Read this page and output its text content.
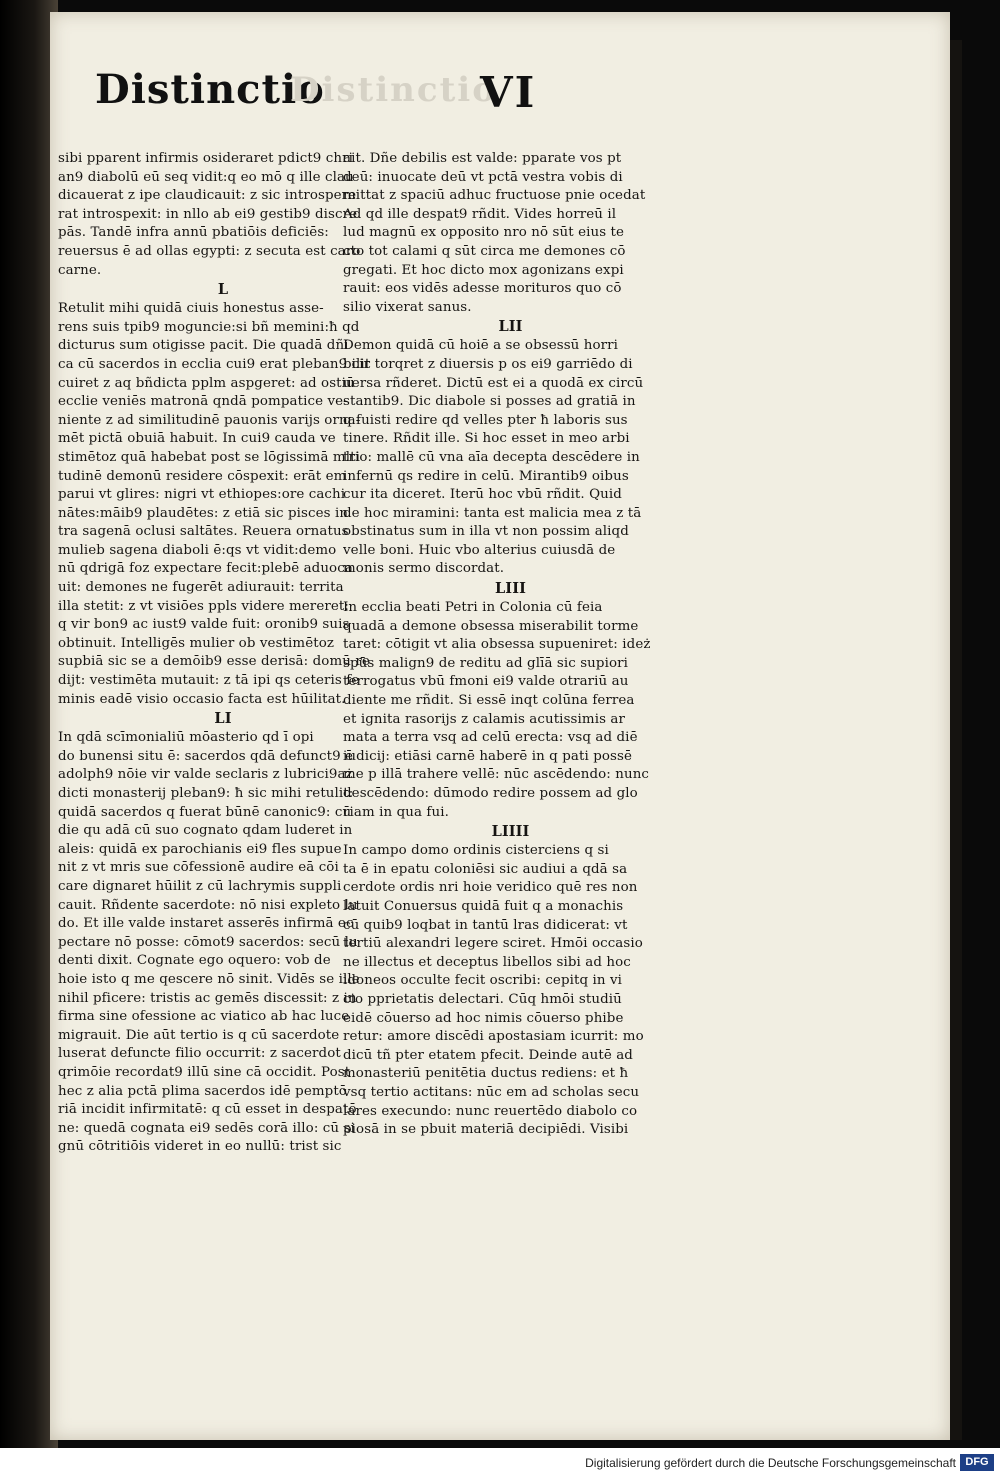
Distinctio
Distinctio
VI
sibi pparent infirmis osideraret pdict9 chri
an9 diabolū eū seq vidit:q eo mō q ille clau
dicauerat z ipe claudicauit: z sic introspere
rat introspexit: in nllo ab ei9 gestib9 discre
pās. Tandē infra annū pbatiōis deficiēs:
reuersus ē ad ollas egypti: z secuta est caro
carne.
L
Retulit mihi quidā ciuis honestus asse-
rens suis tpib9 moguncie:si bñ memini:ħ qd
dicturus sum otigisse pacit. Die quadā dñi
ca cū sacerdos in ecclia cui9 erat pleban9 cir
cuiret z aq bñdicta pplm aspgeret: ad ostiū
ecclie veniēs matronā qndā pompatice ve-
niente z ad similitudinē pauonis varijs orna-
mēt pictā obuiā habuit. In cui9 cauda ve
stimētoz quā habebat post se lōgissimā mlti
tudinē demonū residere cōspexit: erāt em
parui vt glires: nigri vt ethiopes:ore cachi
nātes:māib9 plaudētes: z etiā sic pisces in
tra sagenā oclusi saltātes. Reuera ornatus
mulieb sagena diaboli ē:qs vt vidit:demo
nū qdrigā foz expectare fecit:plebē aduoca
uit: demones ne fugerēt adiurauit: territa
illa stetit: z vt visiōes ppls videre mereret:
q vir bon9 ac iust9 valde fuit: oronib9 suis
obtinuit. Intelligēs mulier ob vestimētoz
supbiā sic se a demōib9 esse derisā: domū re
dijt: vestimēta mutauit: z tā ipi qs ceteris fe
minis eadē visio occasio facta est hūilitat.
LI
In qdā scīmonialiū mōasterio qd ī opi
do bunensi situ ē: sacerdos qdā defunct9 ē
adolph9 nōie vir valde seclaris z lubrici9aż
dicti monasterij pleban9: ħ sic mihi retulit:
quidā sacerdos q fuerat būnē canonic9: cū
die qu adā cū suo cognato qdam luderet in
aleis: quidā ex parochianis ei9 fles supue
nit z vt mris sue cōfessionē audire eā cōi
care dignaret hūilit z cū lachrymis suppli
cauit. Rñdente sacerdote: nō nisi expleto lu
do. Et ille valde instaret asserēs infirmā ec
pectare nō posse: cōmot9 sacerdos: secū lu
denti dixit. Cognate ego oquero: vob de
hoie isto q me qescere nō sinit. Vidēs se ille
nihil pficere: tristis ac gemēs discessit: z in
firma sine ofessione ac viatico ab hac luce
migrauit. Die aūt tertio is q cū sacerdote
luserat defuncte filio occurrit: z sacerdot
qrimōie recordat9 illū sine cā occidit. Post
hec z alia pctā plima sacerdos idē pemptō
riā incidit infirmitatē: q cū esset in despatō
ne: quedā cognata ei9 sedēs corā illo: cū si
gnū cōtritiōis videret in eo nullū: trist sic
ait. Dñe debilis est valde: pparate vos pt
deū: inuocate deū vt pctā vestra vobis di
mittat z spaciū adhuc fructuose pnie ocedat
Ad qd ille despat9 rñdit. Vides horreū il
lud magnū ex opposito nro nō sūt eius te
cto tot calami q sūt circa me demones cō
gregati. Et hoc dicto mox agonizans expi
rauit: eos vidēs adesse morituros quo cō
silio vixerat sanus.
LII
Demon quidā cū hoiē a se obsessū horri
bilit torqret z diuersis p os ei9 garriēdo di
uersa rñderet. Dictū est ei a quodā ex circū
stantib9. Dic diabole si posses ad gratiā in
q fuisti redire qd velles pter ħ laboris sus
tinere. Rñdit ille. Si hoc esset in meo arbi
trio: mallē cū vna aīa decepta descēdere in
infernū qs redire in celū. Mirantib9 oibus
cur ita diceret. Iterū hoc vbū rñdit. Quid
de hoc miramini: tanta est malicia mea z tā
obstinatus sum in illa vt non possim aliqd
velle boni. Huic vbo alterius cuiusdā de
monis sermo discordat.
LIII
In ecclia beati Petri in Colonia cū feia
quadā a demone obsessa miserabilit torme
taret: cōtigit vt alia obsessa supueniret: ideż
spūs malign9 de reditu ad glīā sic supiori
terrogatus vbū fmoni ei9 valde otrariū au
diente me rñdit. Si essē inqt colūna ferrea
et ignita rasorijs z calamis acutissimis ar
mata a terra vsq ad celū erecta: vsq ad diē
iudicij: etiāsi carnē haberē in q pati possē
me p illā trahere vellē: nūc ascēdendo: nunc
descēdendo: dūmodo redire possem ad glo
riam in qua fui.
LIIII
In campo domo ordinis cisterciens q si
ta ē in epatu coloniēsi sic audiui a qdā sa
cerdote ordis nri hoie veridico quē res non
latuit Conuersus quidā fuit q a monachis
cū quib9 loqbat in tantū lras didicerat: vt
tertiū alexandri legere sciret. Hmōi occasio
ne illectus et deceptus libellos sibi ad hoc
idoneos occulte fecit oscribi: cepitq in vi
cio pprietatis delectari. Cūq hmōi studiū
eidē cōuerso ad hoc nimis cōuerso phibe
retur: amore discēdi apostasiam icurrit: mo
dicū tñ pter etatem pfecit. Deinde autē ad
monasteriū penitētia ductus rediens: et ħ
vsq tertio actitans: nūc em ad scholas secu
lares execundo: nunc reuertēdo diabolo co
piosā in se pbuit materiā decipiēdi. Visibi
Digitalisierung gefördert durch die Deutsche Forschungsgemeinschaft DFG
